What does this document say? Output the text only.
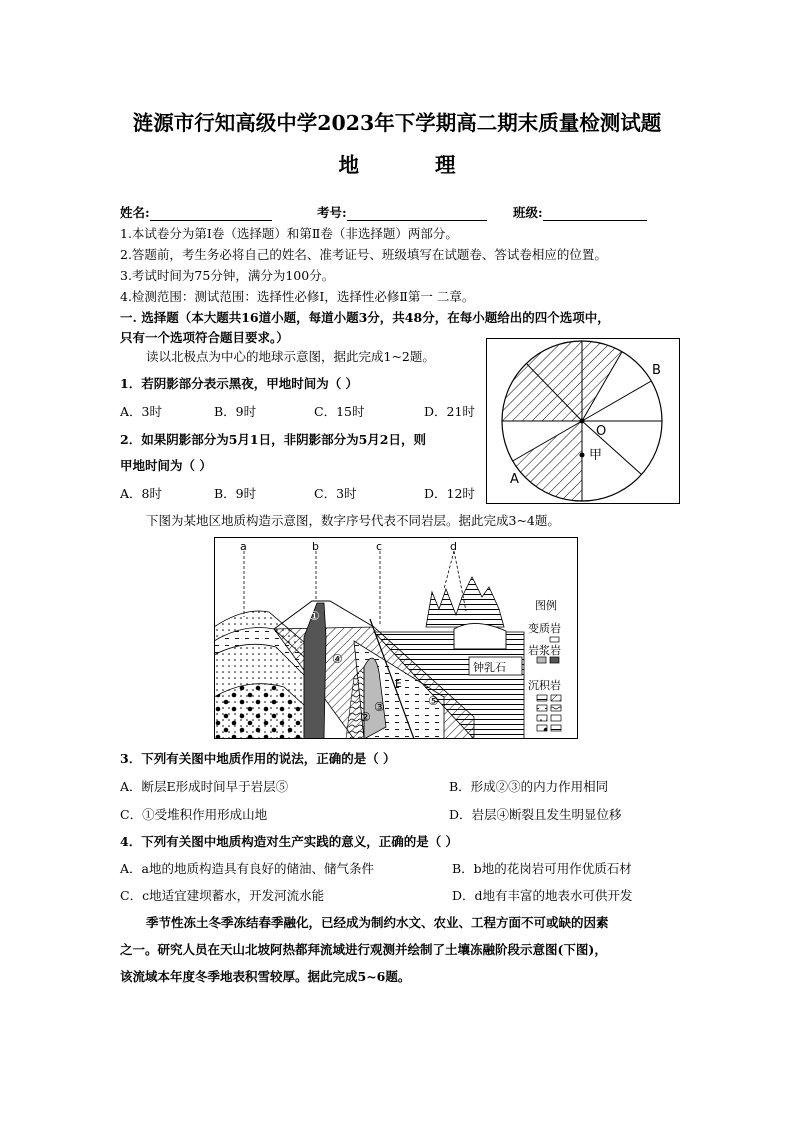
涟源市行知高级中学2023年下学期高二期末质量检测试题
地	理
姓名:	考号:	班级:
1.本试卷分为第Ⅰ卷（选择题）和第Ⅱ卷（非选择题）两部分。
2.答题前，考生务必将自己的姓名、准考证号、班级填写在试题卷、答试卷相应的位置。
3.考试时间为75分钟，满分为100分。
4.检测范围：测试范围：选择性必修Ⅰ，选择性必修Ⅱ第一 二章。
一. 选择题（本大题共16道小题，每道小题3分，共48分，在每小题给出的四个选项中，
只有一个选项符合题目要求。）
读以北极点为中心的地球示意图，据此完成1~2题。
1．若阴影部分表示黑夜，甲地时间为（ ）
A．3时	B．9时	C．15时	D．21时
2．如果阴影部分为5月1日，非阴影部分为5月2日，则
甲地时间为（ ）
A．8时	B．9时	C．3时	D．12时
B
O
甲
A
下图为某地区地质构造示意图，数字序号代表不同岩层。据此完成3~4题。
a	b	c	d
①
②
③
④
⑤
E
钟乳石
图例
变质岩
岩浆岩
沉积岩
3．下列有关图中地质作用的说法，正确的是（ ）
A．断层E形成时间早于岩层⑤	B．形成②③的内力作用相同
C．①受堆积作用形成山地	D．岩层④断裂且发生明显位移
4．下列有关图中地质构造对生产实践的意义，正确的是（ ）
A．a地的地质构造具有良好的储油、储气条件	B．b地的花岗岩可用作优质石材
C．c地适宜建坝蓄水，开发河流水能	D．d地有丰富的地表水可供开发
季节性冻土冬季冻结春季融化，已经成为制约水文、农业、工程方面不可或缺的因素
之一。研究人员在天山北坡阿热都拜流域进行观测并绘制了土壤冻融阶段示意图(下图)，
该流域本年度冬季地表积雪较厚。据此完成5~6题。
